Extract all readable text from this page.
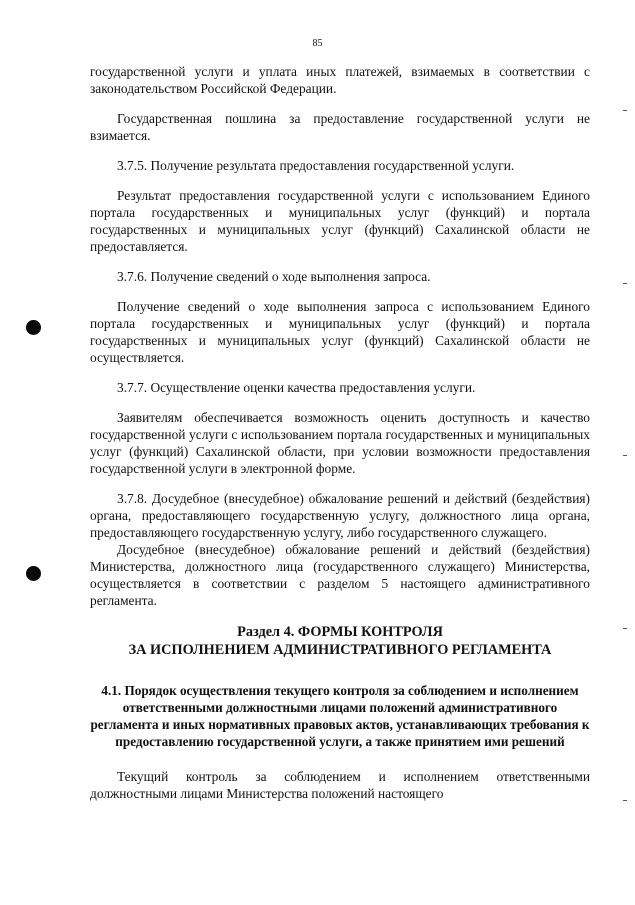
85

государственной услуги и уплата иных платежей, взимаемых в соответствии с законодательством Российской Федерации.

Государственная пошлина за предоставление государственной услуги не взимается.

3.7.5. Получение результата предоставления государственной услуги.

Результат предоставления государственной услуги с использованием Единого портала государственных и муниципальных услуг (функций) и портала государственных и муниципальных услуг (функций) Сахалинской области не предоставляется.

3.7.6. Получение сведений о ходе выполнения запроса.

Получение сведений о ходе выполнения запроса с использованием Единого портала государственных и муниципальных услуг (функций) и портала государственных и муниципальных услуг (функций) Сахалинской области не осуществляется.

3.7.7. Осуществление оценки качества предоставления услуги.

Заявителям обеспечивается возможность оценить доступность и качество государственной услуги с использованием портала государственных и муниципальных услуг (функций) Сахалинской области, при условии возможности предоставления государственной услуги в электронной форме.

3.7.8. Досудебное (внесудебное) обжалование решений и действий (бездействия) органа, предоставляющего государственную услугу, должностного лица органа, предоставляющего государственную услугу, либо государственного служащего.

Досудебное (внесудебное) обжалование решений и действий (бездействия) Министерства, должностного лица (государственного служащего) Министерства, осуществляется в соответствии с разделом 5 настоящего административного регламента.

Раздел 4. ФОРМЫ КОНТРОЛЯ
ЗА ИСПОЛНЕНИЕМ АДМИНИСТРАТИВНОГО РЕГЛАМЕНТА
4.1. Порядок осуществления текущего контроля за соблюдением и исполнением ответственными должностными лицами положений административного регламента и иных нормативных правовых актов, устанавливающих требования к предоставлению государственной услуги, а также принятием ими решений

Текущий контроль за соблюдением и исполнением ответственными должностными лицами Министерства положений настоящего
